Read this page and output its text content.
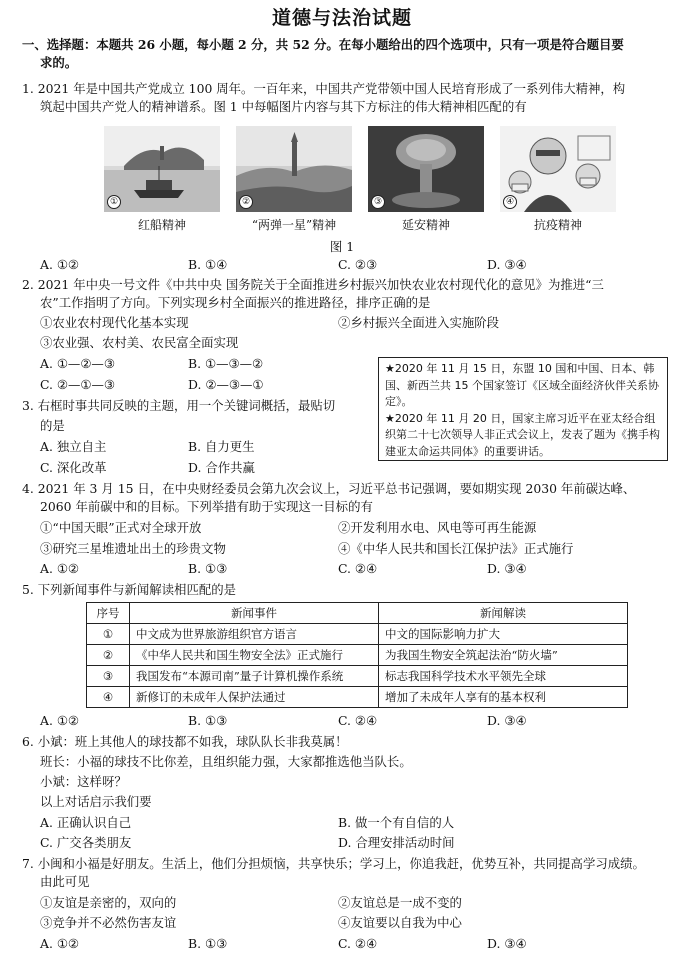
道德与法治试题
一、选择题：本题共 26 小题，每小题 2 分，共 52 分。在每小题给出的四个选项中，只有一项是符合题目要
求的。
1. 2021 年是中国共产党成立 100 周年。一百年来，中国共产党带领中国人民培育形成了一系列伟大精神，构
筑起中国共产党人的精神谱系。图 1 中每幅图片内容与其下方标注的伟大精神相匹配的有
①
红船精神
②
“两弹一星”精神
③
延安精神
④
抗疫精神
图 1
A. ①②	B. ①④	C. ②③	D. ③④
2. 2021 年中央一号文件《中共中央 国务院关于全面推进乡村振兴加快农业农村现代化的意见》为推进“三
农”工作指明了方向。下列实现乡村全面振兴的推进路径，排序正确的是
①农业农村现代化基本实现	②乡村振兴全面进入实施阶段
③农业强、农村美、农民富全面实现
A. ①—②—③	B. ①—③—②
C. ②—①—③	D. ②—③—①
★2020 年 11 月 15 日，东盟 10 国和中国、日本、韩国、新西兰共 15 个国家签订《区域全面经济伙伴关系协定》。
★2020 年 11 月 20 日，国家主席习近平在亚太经合组织第二十七次领导人非正式会议上，发表了题为《携手构建亚太命运共同体》的重要讲话。
3. 右框时事共同反映的主题，用一个关键词概括，最贴切
的是
A. 独立自主	B. 自力更生
C. 深化改革	D. 合作共赢
4. 2021 年 3 月 15 日，在中央财经委员会第九次会议上，习近平总书记强调，要如期实现 2030 年前碳达峰、
2060 年前碳中和的目标。下列举措有助于实现这一目标的有
①“中国天眼”正式对全球开放	②开发利用水电、风电等可再生能源
③研究三星堆遗址出土的珍贵文物	④《中华人民共和国长江保护法》正式施行
A. ①②	B. ①③	C. ②④	D. ③④
5. 下列新闻事件与新闻解读相匹配的是
序号	新闻事件	新闻解读
①	中文成为世界旅游组织官方语言	中文的国际影响力扩大
②	《中华人民共和国生物安全法》正式施行	为我国生物安全筑起法治“防火墙”
③	我国发布“本源司南”量子计算机操作系统	标志我国科学技术水平领先全球
④	新修订的未成年人保护法通过	增加了未成年人享有的基本权利
A. ①②	B. ①③	C. ②④	D. ③④
6. 小斌：班上其他人的球技都不如我，球队队长非我莫属！
班长：小福的球技不比你差，且组织能力强，大家都推选他当队长。
小斌：这样呀？
以上对话启示我们要
A. 正确认识自己	B. 做一个有自信的人
C. 广交各类朋友	D. 合理安排活动时间
7. 小闽和小福是好朋友。生活上，他们分担烦恼，共享快乐；学习上，你追我赶，优势互补，共同提高学习成绩。
由此可见
①友谊是亲密的，双向的	②友谊总是一成不变的
③竞争并不必然伤害友谊	④友谊要以自我为中心
A. ①②	B. ①③	C. ②④	D. ③④
